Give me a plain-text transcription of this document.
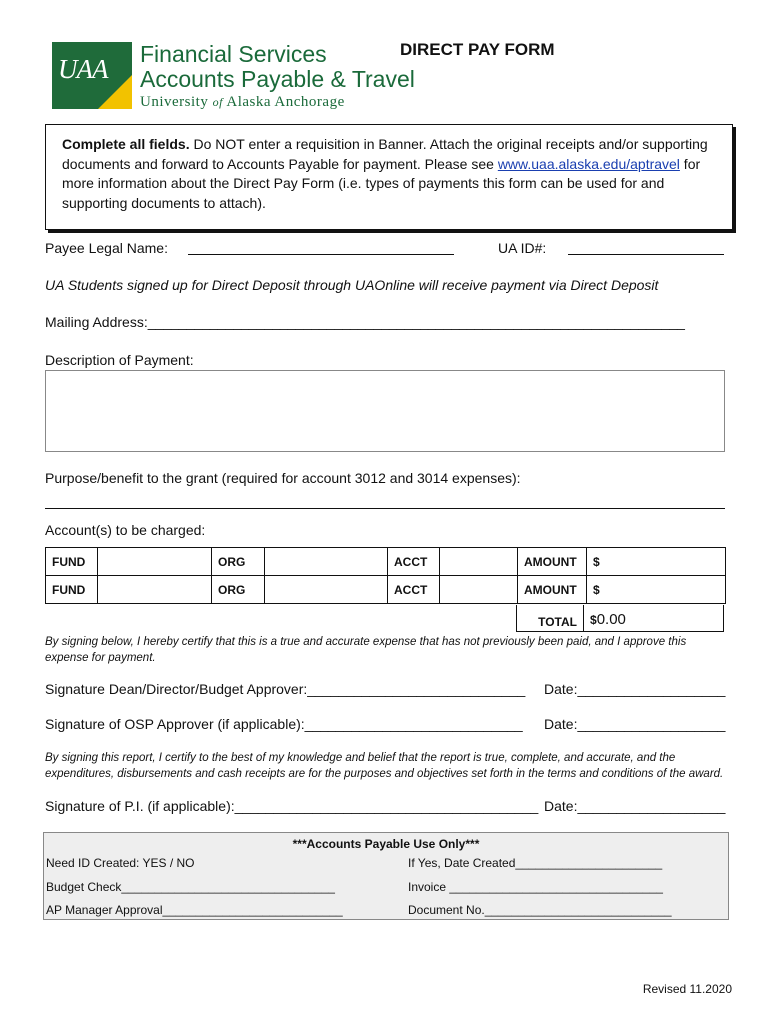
UAA Financial Services
Accounts Payable & Travel
University of Alaska Anchorage
DIRECT PAY FORM
Complete all fields. Do NOT enter a requisition in Banner. Attach the original receipts and/or supporting documents and forward to Accounts Payable for payment. Please see www.uaa.alaska.edu/aptravel for more information about the Direct Pay Form (i.e. types of payments this form can be used for and supporting documents to attach).
Payee Legal Name:	UA ID#:
UA Students signed up for Direct Deposit through UAOnline will receive payment via Direct Deposit
Mailing Address:_____________________________________________________________________
Description of Payment:
Purpose/benefit to the grant (required for account 3012 and 3014 expenses):
Account(s) to be charged:
FUND		ORG		ACCT		AMOUNT	$
FUND		ORG		ACCT		AMOUNT	$
TOTAL	$0.00
By signing below, I hereby certify that this is a true and accurate expense that has not previously been paid, and I approve this expense for payment.
Signature Dean/Director/Budget Approver:____________________________ Date:___________________
Signature of OSP Approver (if applicable):____________________________ Date:___________________
By signing this report, I certify to the best of my knowledge and belief that the report is true, complete, and accurate, and the expenditures, disbursements and cash receipts are for the purposes and objectives set forth in the terms and conditions of the award.
Signature of P.I. (if applicable):_______________________________________ Date:___________________
***Accounts Payable Use Only***
Need ID Created: YES / NO	If Yes, Date Created______________________
Budget Check________________________________	Invoice ________________________________
AP Manager Approval___________________________	Document No.____________________________
Revised 11.2020
